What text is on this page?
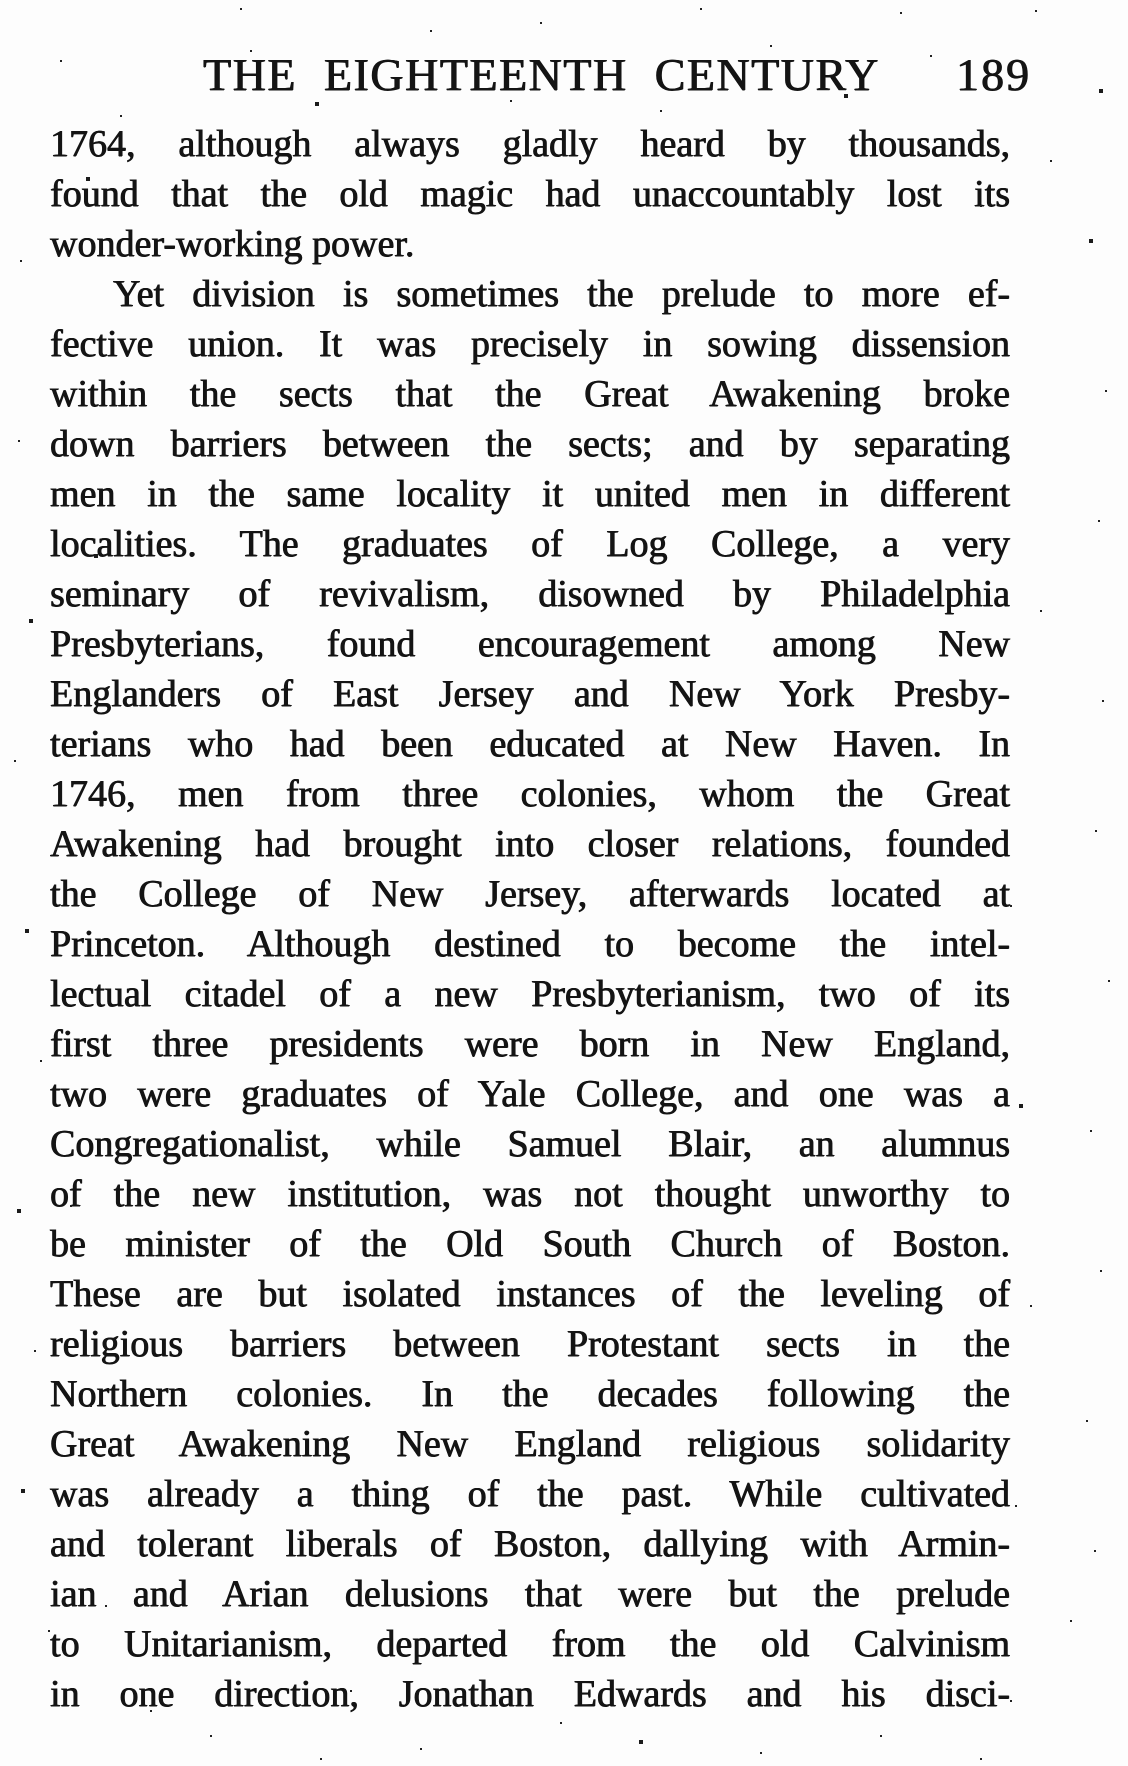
THE EIGHTEENTH CENTURY 189
1764, although always gladly heard by thousands,
found that the old magic had unaccountably lost its
wonder-working power.
Yet division is sometimes the prelude to more ef-
fective union. It was precisely in sowing dissension
within the sects that the Great Awakening broke
down barriers between the sects; and by separating
men in the same locality it united men in different
localities. The graduates of Log College, a very
seminary of revivalism, disowned by Philadelphia
Presbyterians, found encouragement among New
Englanders of East Jersey and New York Presby-
terians who had been educated at New Haven. In
1746, men from three colonies, whom the Great
Awakening had brought into closer relations, founded
the College of New Jersey, afterwards located at
Princeton. Although destined to become the intel-
lectual citadel of a new Presbyterianism, two of its
first three presidents were born in New England,
two were graduates of Yale College, and one was a
Congregationalist, while Samuel Blair, an alumnus
of the new institution, was not thought unworthy to
be minister of the Old South Church of Boston.
These are but isolated instances of the leveling of
religious barriers between Protestant sects in the
Northern colonies. In the decades following the
Great Awakening New England religious solidarity
was already a thing of the past. While cultivated
and tolerant liberals of Boston, dallying with Armin-
ian and Arian delusions that were but the prelude
to Unitarianism, departed from the old Calvinism
in one direction, Jonathan Edwards and his disci-
